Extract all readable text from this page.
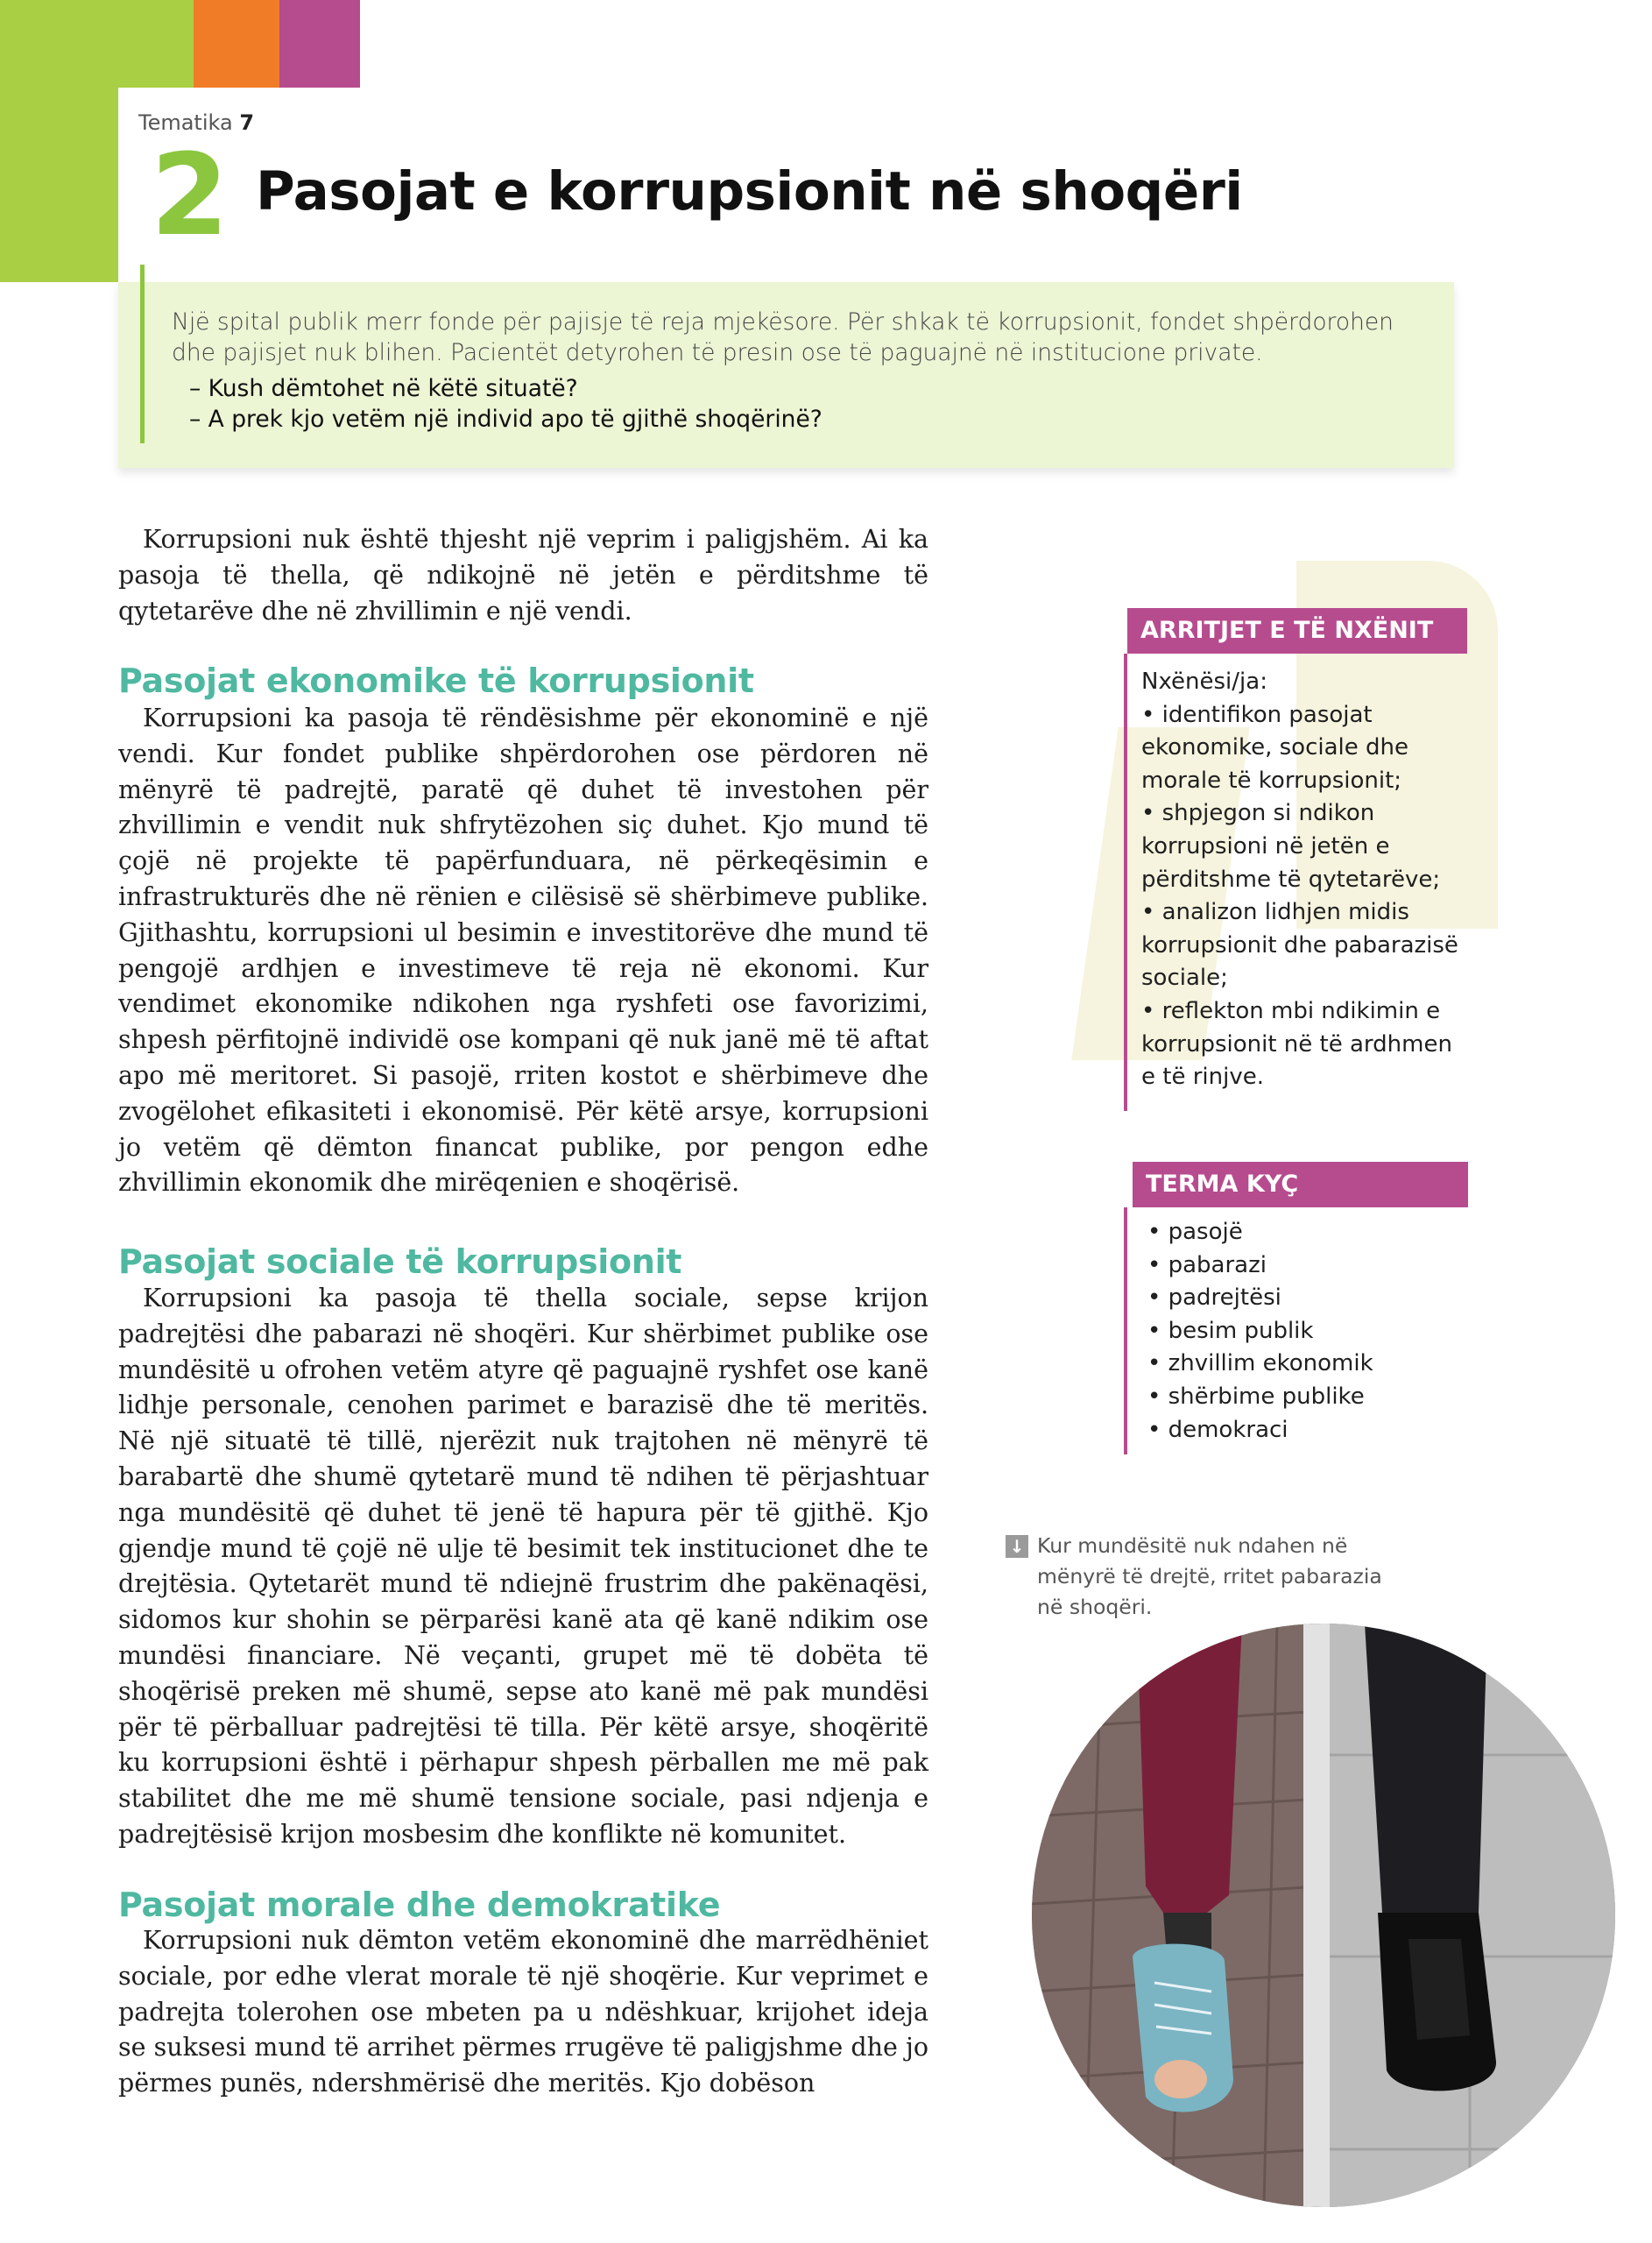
Tematika 7
2 Pasojat e korrupsionit në shoqëri
Një spital publik merr fonde për pajisje të reja mjekësore. Për shkak të korrupsionit, fondet shpërdorohen
dhe pajisjet nuk blihen. Pacientët detyrohen të presin ose të paguajnë në institucione private.
– Kush dëmtohet në këtë situatë?
– A prek kjo vetëm një individ apo të gjithë shoqërinë?
Korrupsioni nuk është thjesht një veprim i paligjshëm. Ai ka pasoja të thella, që ndikojnë në jetën e përditshme të qytetarëve dhe në zhvillimin e një vendi.
Pasojat ekonomike të korrupsionit
Korrupsioni ka pasoja të rëndësishme për ekonominë e një vendi. Kur fondet publike shpërdorohen ose përdoren në mënyrë të padrejtë, paratë që duhet të investohen për zhvillimin e vendit nuk shfrytëzohen siç duhet. Kjo mund të çojë në projekte të papërfunduara, në përkeqësimin e infrastrukturës dhe në rënien e cilësisë së shërbimeve publike. Gjithashtu, korrupsioni ul besimin e investitorëve dhe mund të pengojë ardhjen e investimeve të reja në ekonomi. Kur vendimet ekonomike ndikohen nga ryshfeti ose favorizimi, shpesh përfitojnë individë ose kompani që nuk janë më të aftat apo më meritoret. Si pasojë, rriten kostot e shërbimeve dhe zvogëlohet efikasiteti i ekonomisë. Për këtë arsye, korrupsioni jo vetëm që dëmton financat publike, por pengon edhe zhvillimin ekonomik dhe mirëqenien e shoqërisë.
Pasojat sociale të korrupsionit
Korrupsioni ka pasoja të thella sociale, sepse krijon padrejtësi dhe pabarazi në shoqëri. Kur shërbimet publike ose mundësitë u ofrohen vetëm atyre që paguajnë ryshfet ose kanë lidhje personale, cenohen parimet e barazisë dhe të meritës. Në një situatë të tillë, njerëzit nuk trajtohen në mënyrë të barabartë dhe shumë qytetarë mund të ndihen të përjashtuar nga mundësitë që duhet të jenë të hapura për të gjithë. Kjo gjendje mund të çojë në ulje të besimit tek institucionet dhe te drejtësia. Qytetarët mund të ndiejnë frustrim dhe pakënaqësi, sidomos kur shohin se përparësi kanë ata që kanë ndikim ose mundësi financiare. Në veçanti, grupet më të dobëta të shoqërisë preken më shumë, sepse ato kanë më pak mundësi për të përballuar padrejtësi të tilla. Për këtë arsye, shoqëritë ku korrupsioni është i përhapur shpesh përballen me më pak stabilitet dhe me më shumë tensione sociale, pasi ndjenja e padrejtësisë krijon mosbesim dhe konflikte në komunitet.
Pasojat morale dhe demokratike
Korrupsioni nuk dëmton vetëm ekonominë dhe marrëdhëniet sociale, por edhe vlerat morale të një shoqërie. Kur veprimet e padrejta tolerohen ose mbeten pa u ndëshkuar, krijohet ideja se suksesi mund të arrihet përmes rrugëve të paligjshme dhe jo përmes punës, ndershmërisë dhe meritës. Kjo dobëson
ARRITJET E TË NXËNIT
Nxënësi/ja:
• identifikon pasojat
ekonomike, sociale dhe
morale të korrupsionit;
• shpjegon si ndikon
korrupsioni në jetën e
përditshme të qytetarëve;
• analizon lidhjen midis
korrupsionit dhe pabarazisë
sociale;
• reflekton mbi ndikimin e
korrupsionit në të ardhmen
e të rinjve.
TERMA KYÇ
• pasojë
• pabarazi
• padrejtësi
• besim publik
• zhvillim ekonomik
• shërbime publike
• demokraci
↓ Kur mundësitë nuk ndahen në
mënyrë të drejtë, rritet pabarazia
në shoqëri.
